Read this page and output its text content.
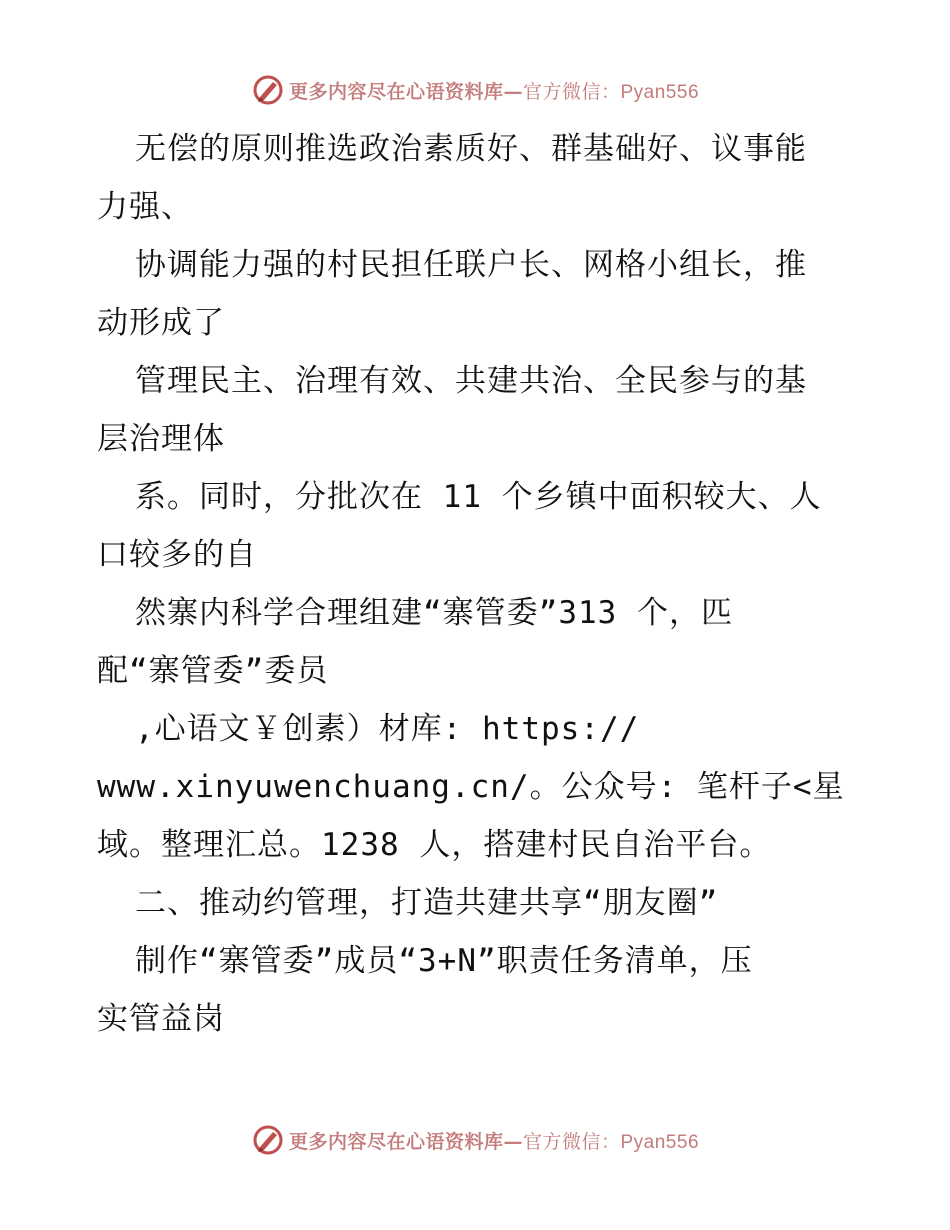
更多内容尽在心语资料库—官方微信：Pyan556
无偿的原则推选政治素质好、群基础好、议事能
力强、
协调能力强的村民担任联户长、网格小组长，推
动形成了
管理民主、治理有效、共建共治、全民参与的基
层治理体
系。同时，分批次在 11 个乡镇中面积较大、人
口较多的自
然寨内科学合理组建“寨管委”313 个，匹
配“寨管委”委员
,心语文￥创素）材库: https://
www.xinyuwenchuang.cn/。公众号: 笔杆子<星
域。整理汇总。1238 人，搭建村民自治平台。
二、推动约管理，打造共建共享“朋友圈”
制作“寨管委”成员“3+N”职责任务清单，压
实管益岗
更多内容尽在心语资料库—官方微信：Pyan556
